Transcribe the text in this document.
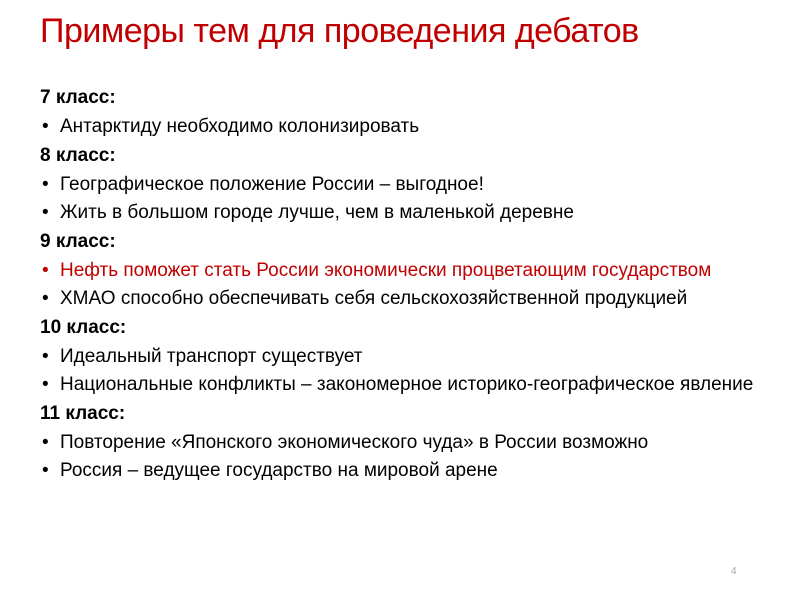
Примеры тем для проведения дебатов
7 класс:
• Антарктиду необходимо колонизировать
8 класс:
• Географическое положение России – выгодное!
• Жить в большом городе лучше, чем в маленькой деревне
9 класс:
• Нефть поможет стать России экономически процветающим государством
• ХМАО способно обеспечивать себя сельскохозяйственной продукцией
10 класс:
• Идеальный транспорт существует
• Национальные конфликты – закономерное историко-географическое явление
11 класс:
• Повторение «Японского экономического чуда» в России возможно
• Россия – ведущее государство на мировой арене
4
